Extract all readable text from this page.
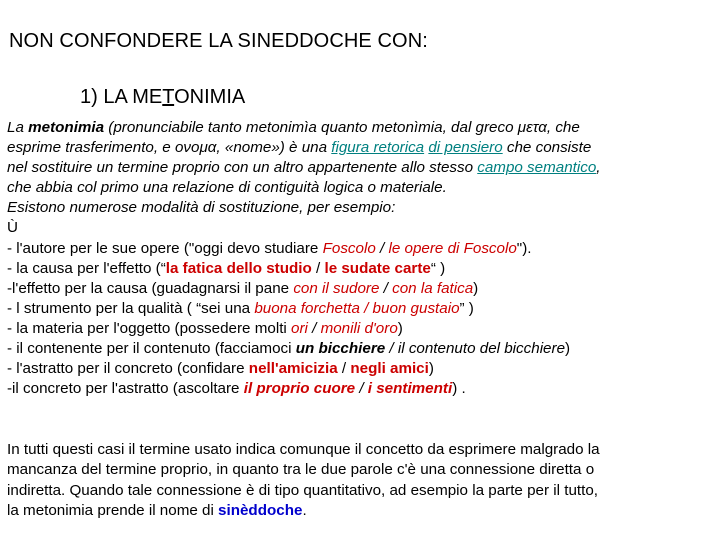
NON CONFONDERE LA SINEDDOCHE CON:
1) LA METONIMIA
La metonimia (pronunciabile tanto metonimìa quanto metonìmia, dal greco μετα, che
esprime trasferimento, e ονομα, «nome») è una figura retorica di pensiero che consiste
nel sostituire un termine proprio con un altro appartenente allo stesso campo semantico,
che abbia col primo una relazione di contiguità logica o materiale.
Esistono numerose modalità di sostituzione, per esempio:
Ù
- l'autore per le sue opere ("oggi devo studiare Foscolo / le opere di Foscolo").
- la causa per l'effetto (“la fatica dello studio / le sudate carte“ )
-l'effetto per la causa (guadagnarsi il pane con il sudore / con la fatica)
- l strumento per la qualità ( “sei una buona forchetta / buon gustaio” )
- la materia per l'oggetto (possedere molti ori / monili d'oro)
- il contenente per il contenuto (facciamoci un bicchiere / il contenuto del bicchiere)
- l'astratto per il concreto (confidare nell'amicizia / negli amici)
-il concreto per l'astratto (ascoltare il proprio cuore / i sentimenti) .
In tutti questi casi il termine usato indica comunque il concetto da esprimere malgrado la
mancanza del termine proprio, in quanto tra le due parole c'è una connessione diretta o
indiretta. Quando tale connessione è di tipo quantitativo, ad esempio la parte per il tutto,
la metonimia prende il nome di sinèddoche.
